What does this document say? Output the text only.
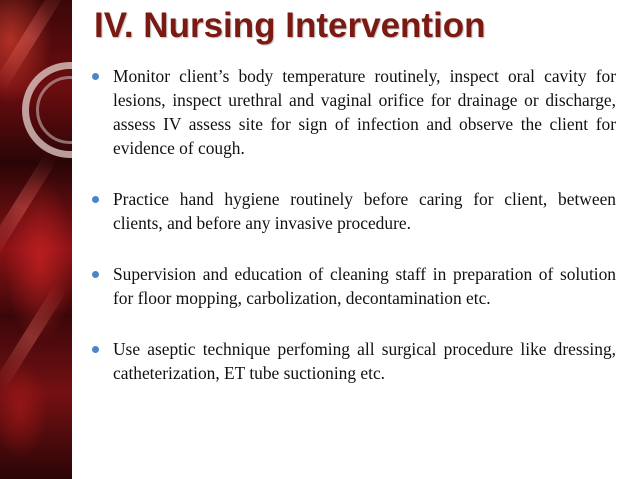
IV. Nursing Intervention
Monitor client’s body temperature routinely, inspect oral cavity for lesions, inspect urethral and vaginal orifice for drainage or discharge, assess IV assess site for sign of infection and observe the client for evidence of cough.
Practice hand hygiene routinely before caring for client, between clients, and before any invasive procedure.
Supervision and education of cleaning staff in preparation of solution for floor mopping, carbolization, decontamination etc.
Use aseptic technique perfoming all surgical procedure like dressing, catheterization, ET tube suctioning etc.
